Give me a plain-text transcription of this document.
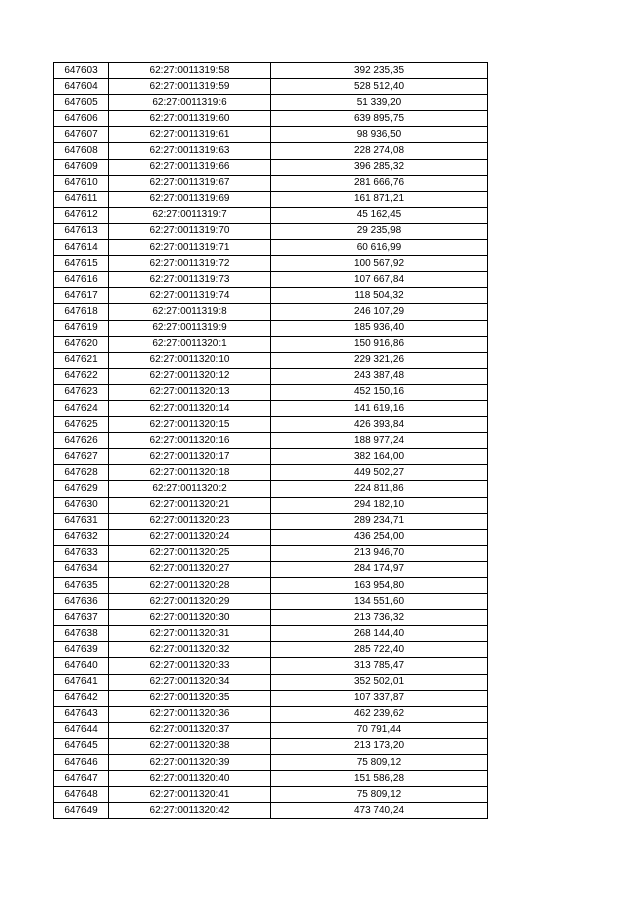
647603	62:27:0011319:58	392 235,35
647604	62:27:0011319:59	528 512,40
647605	62:27:0011319:6	51 339,20
647606	62:27:0011319:60	639 895,75
647607	62:27:0011319:61	98 936,50
647608	62:27:0011319:63	228 274,08
647609	62:27:0011319:66	396 285,32
647610	62:27:0011319:67	281 666,76
647611	62:27:0011319:69	161 871,21
647612	62:27:0011319:7	45 162,45
647613	62:27:0011319:70	29 235,98
647614	62:27:0011319:71	60 616,99
647615	62:27:0011319:72	100 567,92
647616	62:27:0011319:73	107 667,84
647617	62:27:0011319:74	118 504,32
647618	62:27:0011319:8	246 107,29
647619	62:27:0011319:9	185 936,40
647620	62:27:0011320:1	150 916,86
647621	62:27:0011320:10	229 321,26
647622	62:27:0011320:12	243 387,48
647623	62:27:0011320:13	452 150,16
647624	62:27:0011320:14	141 619,16
647625	62:27:0011320:15	426 393,84
647626	62:27:0011320:16	188 977,24
647627	62:27:0011320:17	382 164,00
647628	62:27:0011320:18	449 502,27
647629	62:27:0011320:2	224 811,86
647630	62:27:0011320:21	294 182,10
647631	62:27:0011320:23	289 234,71
647632	62:27:0011320:24	436 254,00
647633	62:27:0011320:25	213 946,70
647634	62:27:0011320:27	284 174,97
647635	62:27:0011320:28	163 954,80
647636	62:27:0011320:29	134 551,60
647637	62:27:0011320:30	213 736,32
647638	62:27:0011320:31	268 144,40
647639	62:27:0011320:32	285 722,40
647640	62:27:0011320:33	313 785,47
647641	62:27:0011320:34	352 502,01
647642	62:27:0011320:35	107 337,87
647643	62:27:0011320:36	462 239,62
647644	62:27:0011320:37	70 791,44
647645	62:27:0011320:38	213 173,20
647646	62:27:0011320:39	75 809,12
647647	62:27:0011320:40	151 586,28
647648	62:27:0011320:41	75 809,12
647649	62:27:0011320:42	473 740,24
